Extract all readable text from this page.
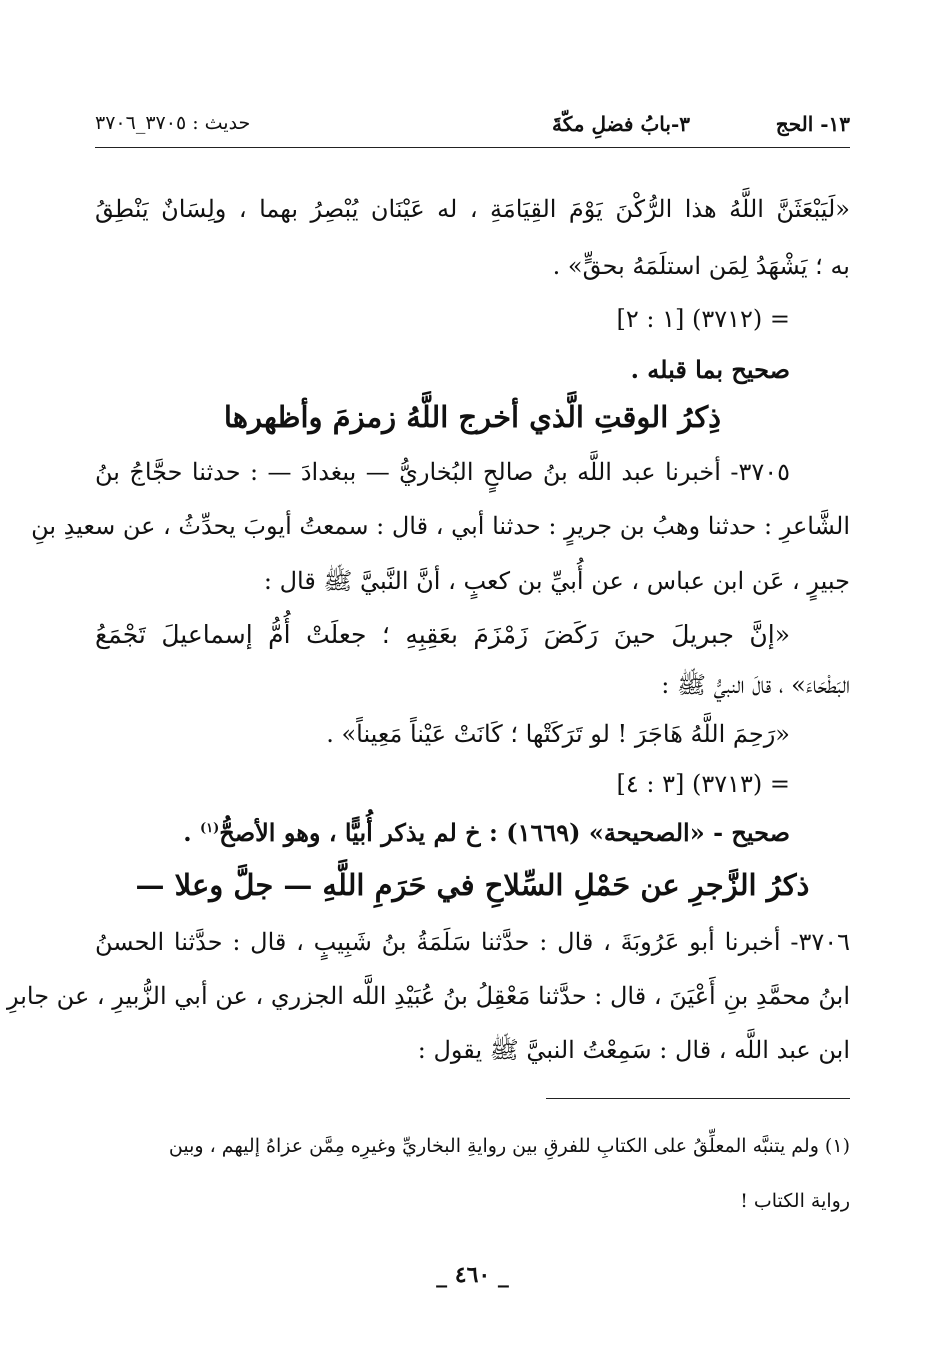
١٣- الحج
٣-بابُ فضلِ مكّةَ
حديث : ٣٧٠٥_٣٧٠٦
«لَيَبْعَثَنَّ اللَّهُ هذا الرُّكْنَ يَوْمَ القِيَامَةِ ، له عَيْنَان يُبْصِرُ بهما ، ولِسَانٌ يَنْطِقُ
به ؛ يَشْهَدُ لِمَن استلَمَهُ بحقٍّ» .
= (٣٧١٢) [١ : ٢]
صحيح بما قبله .
ذِكرُ الوقتِ الَّذي أخرج اللَّهُ زمزمَ وأظهرها
٣٧٠٥- أخبرنا عبد اللَّه بنُ صالحٍ البُخاريُّ — ببغدادَ — : حدثنا حجَّاجُ بنُ
الشَّاعرِ : حدثنا وهبُ بن جريرٍ : حدثنا أبي ، قال : سمعتُ أيوبَ يحدِّثُ ، عن سعيدِ بنِ
جبيرٍ ، عَن ابن عباس ، عن أُبيِّ بن كعبٍ ، أنَّ النَّبيَّ ﷺ قال :
«إنَّ جبريلَ حينَ رَكَضَ زَمْزَمَ بعَقِبِهِ ؛ جعلَتْ أُمُّ إسماعيلَ تَجْمَعُ
البَطْحَاءَ» ، قالَ النبيُّ ﷺ :
«رَحِمَ اللَّهُ هَاجَرَ ! لو تَرَكَتْها ؛ كَانَتْ عَيْناً مَعِيناً» .
= (٣٧١٣) [٣ : ٤]
صحيح - «الصحيحة» (١٦٦٩) : خ لم يذكر أُبيًّا ، وهو الأصحُّ$^{(١)}$ .
ذكرُ الزَّجرِ عن حَمْلِ السِّلاحِ في حَرَمِ اللَّهِ — جلَّ وعلا —
٣٧٠٦- أخبرنا أبو عَرُوبَةَ ، قال : حدَّثنا سَلَمَةُ بنُ شَبِيبٍ ، قال : حدَّثنا الحسنُ
ابنُ محمَّدِ بنِ أَعْيَنَ ، قال : حدَّثنا مَعْقِلُ بنُ عُبَيْدِ اللَّه الجزري ، عن أبي الزُّبيرِ ، عن جابرِ
ابن عبد اللَّه ، قال : سَمِعْتُ النبيَّ ﷺ يقول :
(١) ولم يتنبَّه المعلِّقُ على الكتابِ للفرقِ بين روايةِ البخاريِّ وغيرِه مِمَّن عزاهُ إليهم ، وبين
رواية الكتاب !
_ ٤٦٠ _
